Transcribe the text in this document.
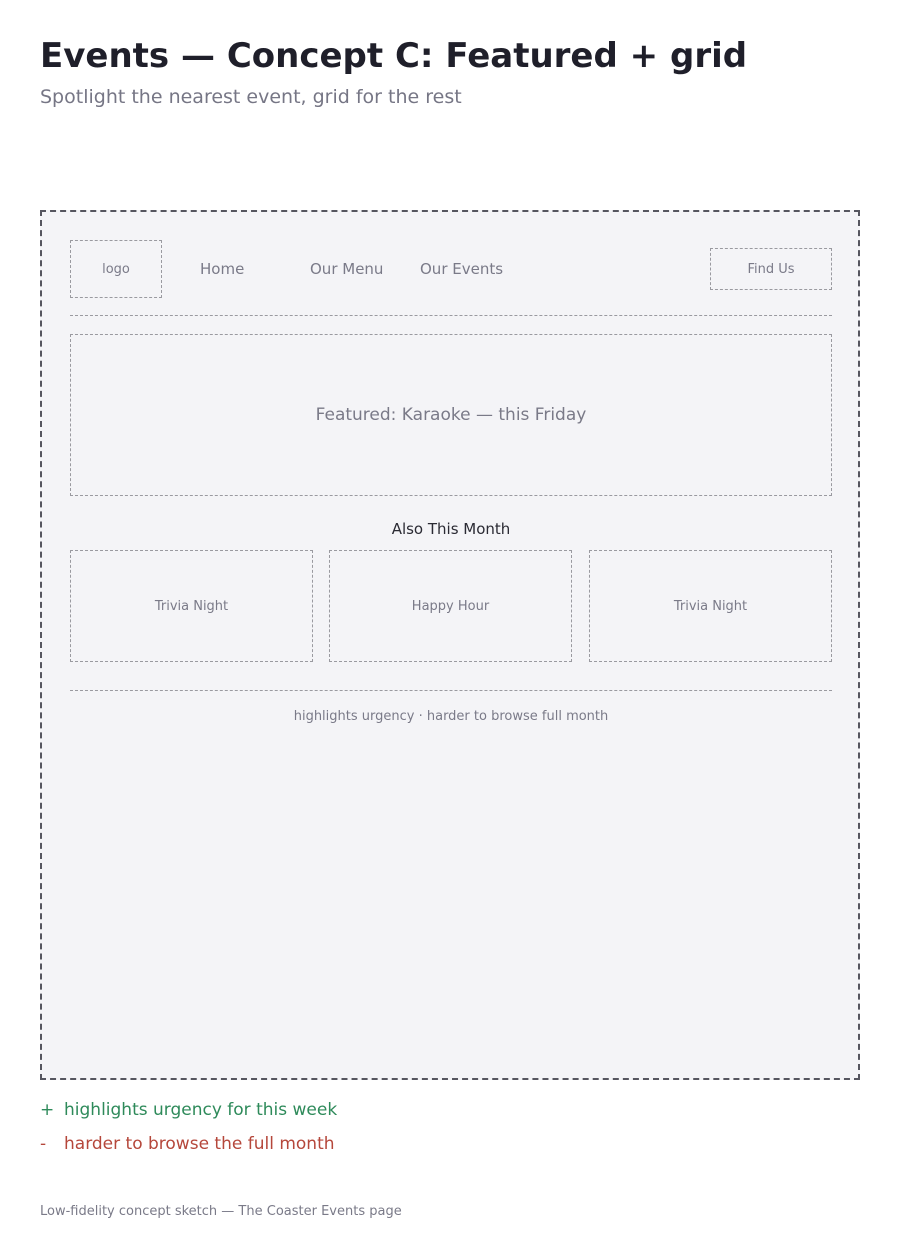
Events — Concept C: Featured + grid
Spotlight the nearest event, grid for the rest
logo	Home	Our Menu Our Events	Find Us
Featured: Karaoke — this Friday
Also This Month
Trivia Night	Happy Hour	Trivia Night
highlights urgency · harder to browse full month
+ highlights urgency for this week
- harder to browse the full month
Low-fidelity concept sketch — The Coaster Events page
